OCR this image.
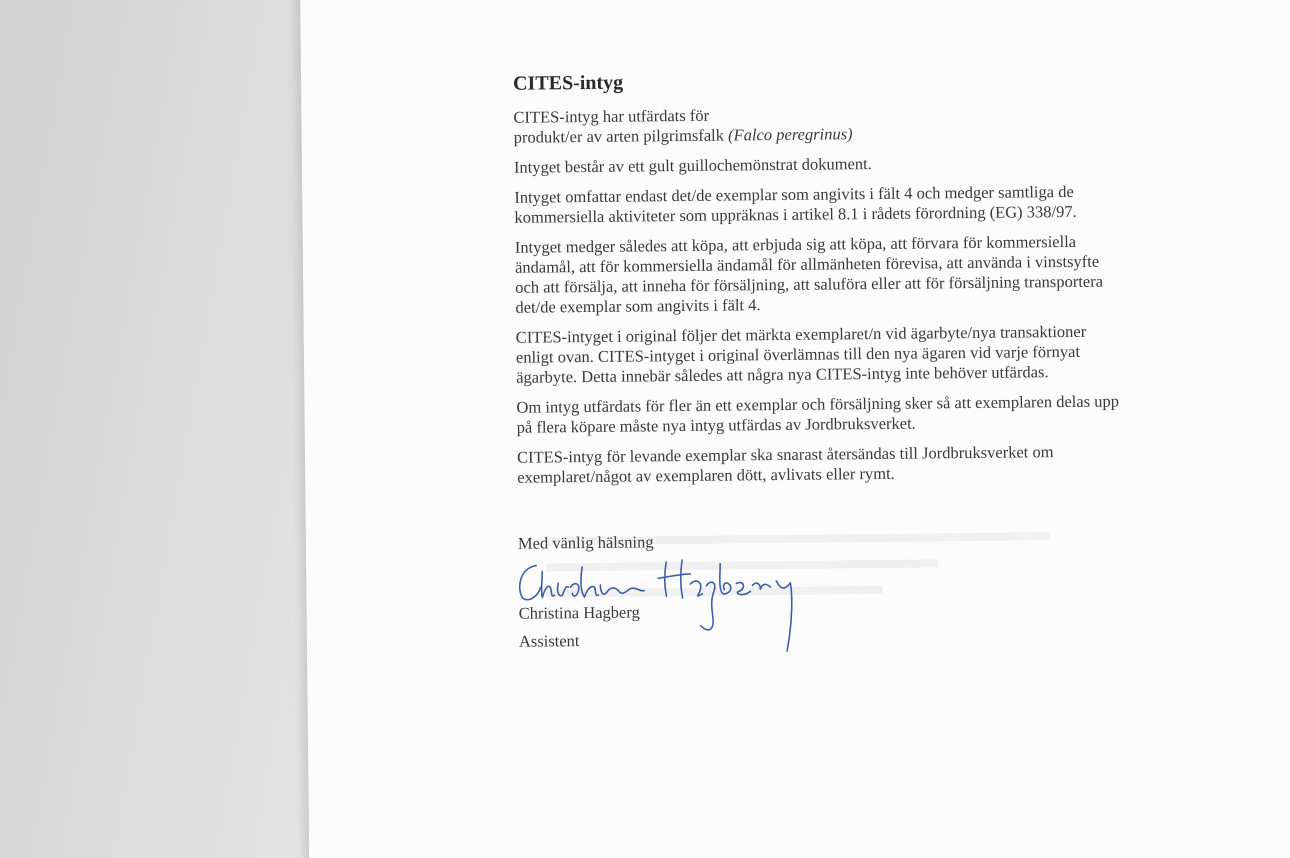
CITES-intyg
CITES-intyg har utfärdats för
produkt/er av arten pilgrimsfalk (Falco peregrinus)
Intyget består av ett gult guillochemönstrat dokument.
Intyget omfattar endast det/de exemplar som angivits i fält 4 och medger samtliga de kommersiella aktiviteter som uppräknas i artikel 8.1 i rådets förordning (EG) 338/97.
Intyget medger således att köpa, att erbjuda sig att köpa, att förvara för kommersiella ändamål, att för kommersiella ändamål för allmänheten förevisa, att använda i vinstsyfte och att försälja, att inneha för försäljning, att saluföra eller att för försäljning transportera det/de exemplar som angivits i fält 4.
CITES-intyget i original följer det märkta exemplaret/n vid ägarbyte/nya transaktioner enligt ovan. CITES-intyget i original överlämnas till den nya ägaren vid varje förnyat ägarbyte. Detta innebär således att några nya CITES-intyg inte behöver utfärdas.
Om intyg utfärdats för fler än ett exemplar och försäljning sker så att exemplaren delas upp på flera köpare måste nya intyg utfärdas av Jordbruksverket.
CITES-intyg för levande exemplar ska snarast återsändas till Jordbruksverket om exemplaret/något av exemplaren dött, avlivats eller rymt.
Med vänlig hälsning
Christina Hagberg
Assistent
